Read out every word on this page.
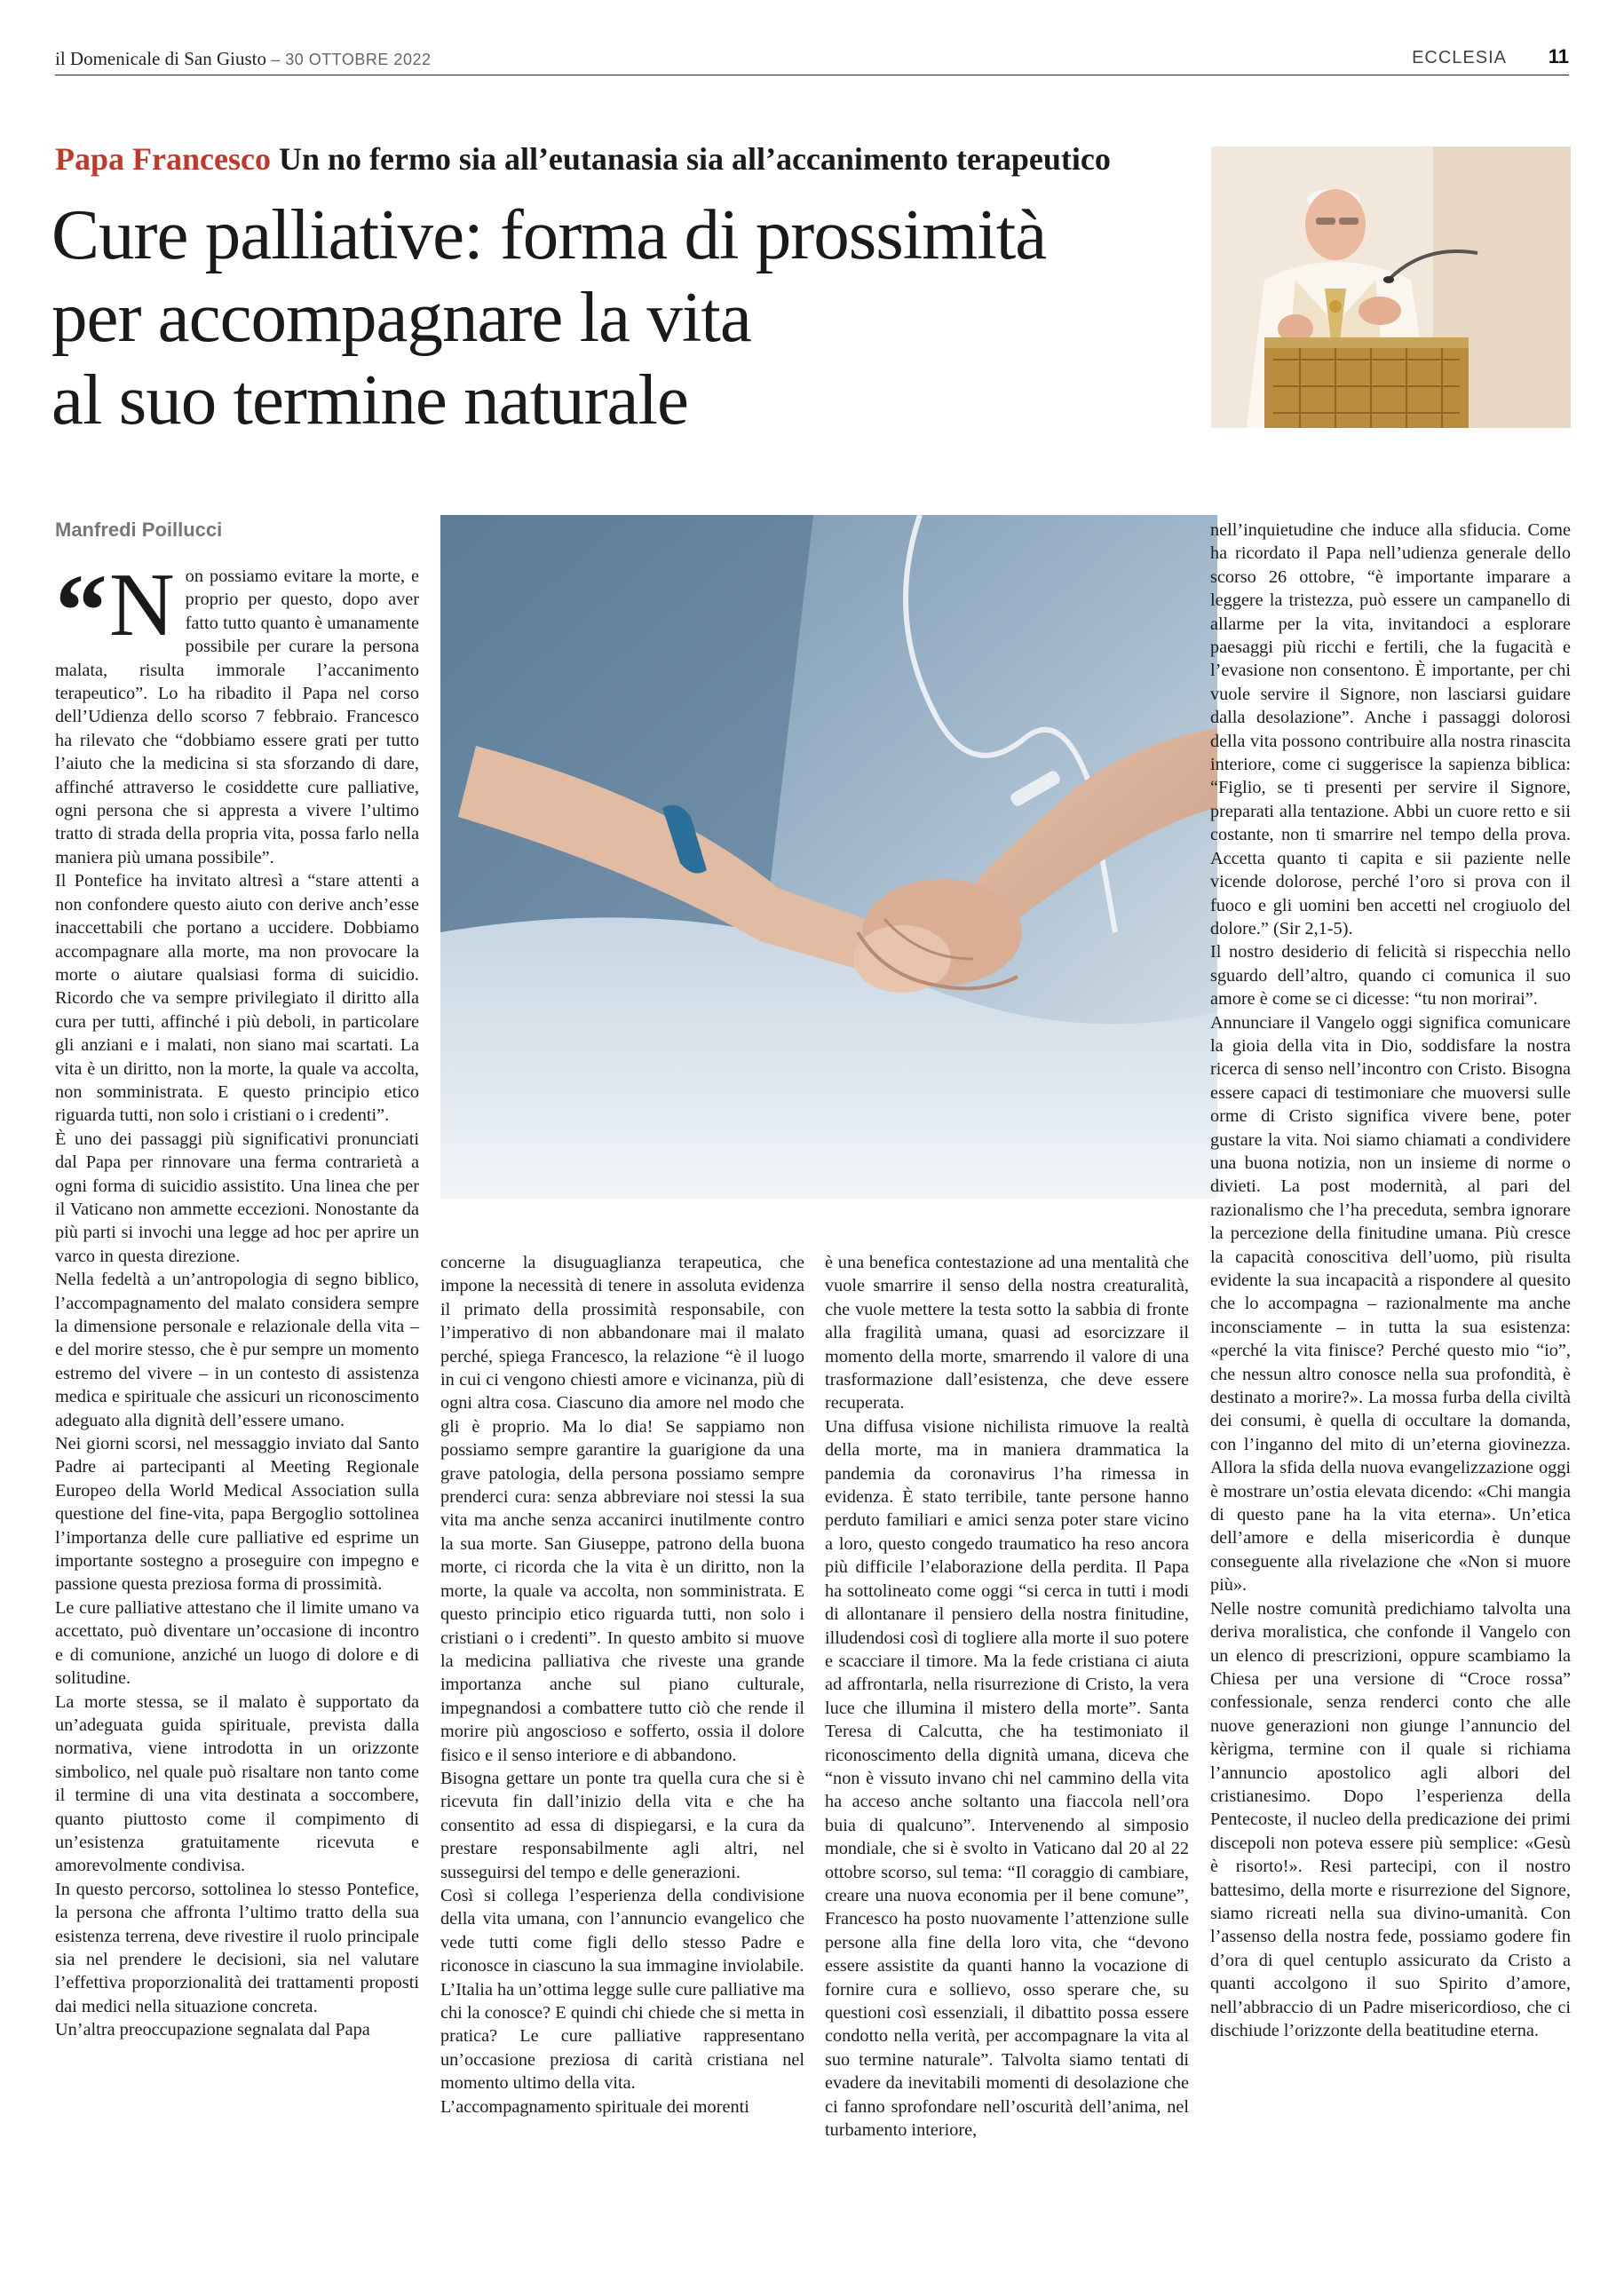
il Domenicale di San Giusto – 30 OTTOBRE 2022	ECCLESIA 11
Papa Francesco Un no fermo sia all’eutanasia sia all’accanimento terapeutico
Cure palliative: forma di prossimità
per accompagnare la vita
al suo termine naturale
Manfredi Poillucci
“ N on possiamo evitare la morte, e proprio per questo, dopo aver fatto tutto quanto è umanamente possibile per curare la persona malata, risulta immorale l’accanimento terapeutico”. Lo ha ribadito il Papa nel corso dell’Udienza dello scorso 7 febbraio. Francesco ha rilevato che “dobbiamo essere grati per tutto l’aiuto che la medicina si sta sforzando di dare, affinché attraverso le cosiddette cure palliative, ogni persona che si appresta a vivere l’ultimo tratto di strada della propria vita, possa farlo nella maniera più umana possibile”.

Il Pontefice ha invitato altresì a “stare attenti a non confondere questo aiuto con derive anch’esse inaccettabili che portano a uccidere. Dobbiamo accompagnare alla morte, ma non provocare la morte o aiutare qualsiasi forma di suicidio. Ricordo che va sempre privilegiato il diritto alla cura per tutti, affinché i più deboli, in particolare gli anziani e i malati, non siano mai scartati. La vita è un diritto, non la morte, la quale va accolta, non somministrata. E questo principio etico riguarda tutti, non solo i cristiani o i credenti”.

È uno dei passaggi più significativi pronunciati dal Papa per rinnovare una ferma contrarietà a ogni forma di suicidio assistito. Una linea che per il Vaticano non ammette eccezioni. Nonostante da più parti si invochi una legge ad hoc per aprire un varco in questa direzione.

Nella fedeltà a un’antropologia di segno biblico, l’accompagnamento del malato considera sempre la dimensione personale e relazionale della vita – e del morire stesso, che è pur sempre un momento estremo del vivere – in un contesto di assistenza medica e spirituale che assicuri un riconoscimento adeguato alla dignità dell’essere umano.

Nei giorni scorsi, nel messaggio inviato dal Santo Padre ai partecipanti al Meeting Regionale Europeo della World Medical Association sulla questione del fine-vita, papa Bergoglio sottolinea l’importanza delle cure palliative ed esprime un importante sostegno a proseguire con impegno e passione questa preziosa forma di prossimità.

Le cure palliative attestano che il limite umano va accettato, può diventare un’occasione di incontro e di comunione, anziché un luogo di dolore e di solitudine.

La morte stessa, se il malato è supportato da un’adeguata guida spirituale, prevista dalla normativa, viene introdotta in un orizzonte simbolico, nel quale può risaltare non tanto come il termine di una vita destinata a soccombere, quanto piuttosto come il compimento di un’esistenza gratuitamente ricevuta e amorevolmente condivisa.

In questo percorso, sottolinea lo stesso Pontefice, la persona che affronta l’ultimo tratto della sua esistenza terrena, deve rivestire il ruolo principale sia nel prendere le decisioni, sia nel valutare l’effettiva proporzionalità dei trattamenti proposti dai medici nella situazione concreta.

Un’altra preoccupazione segnalata dal Papa

concerne la disuguaglianza terapeutica, che impone la necessità di tenere in assoluta evidenza il primato della prossimità responsabile, con l’imperativo di non abbandonare mai il malato perché, spiega Francesco, la relazione “è il luogo in cui ci vengono chiesti amore e vicinanza, più di ogni altra cosa. Ciascuno dia amore nel modo che gli è proprio. Ma lo dia! Se sappiamo non possiamo sempre garantire la guarigione da una grave patologia, della persona possiamo sempre prenderci cura: senza abbreviare noi stessi la sua vita ma anche senza accanirci inutilmente contro la sua morte. San Giuseppe, patrono della buona morte, ci ricorda che la vita è un diritto, non la morte, la quale va accolta, non somministrata. E questo principio etico riguarda tutti, non solo i cristiani o i credenti”. In questo ambito si muove la medicina palliativa che riveste una grande importanza anche sul piano culturale, impegnandosi a combattere tutto ciò che rende il morire più angoscioso e sofferto, ossia il dolore fisico e il senso interiore e di abbandono.

Bisogna gettare un ponte tra quella cura che si è ricevuta fin dall’inizio della vita e che ha consentito ad essa di dispiegarsi, e la cura da prestare responsabilmente agli altri, nel susseguirsi del tempo e delle generazioni.

Così si collega l’esperienza della condivisione della vita umana, con l’annuncio evangelico che vede tutti come figli dello stesso Padre e riconosce in ciascuno la sua immagine inviolabile.

L’Italia ha un’ottima legge sulle cure palliative ma chi la conosce? E quindi chi chiede che si metta in pratica? Le cure palliative rappresentano un’occasione preziosa di carità cristiana nel momento ultimo della vita.

L’accompagnamento spirituale dei morenti

è una benefica contestazione ad una mentalità che vuole smarrire il senso della nostra creaturalità, che vuole mettere la testa sotto la sabbia di fronte alla fragilità umana, quasi ad esorcizzare il momento della morte, smarrendo il valore di una trasformazione dall’esistenza, che deve essere recuperata.

Una diffusa visione nichilista rimuove la realtà della morte, ma in maniera drammatica la pandemia da coronavirus l’ha rimessa in evidenza. È stato terribile, tante persone hanno perduto familiari e amici senza poter stare vicino a loro, questo congedo traumatico ha reso ancora più difficile l’elaborazione della perdita. Il Papa ha sottolineato come oggi “si cerca in tutti i modi di allontanare il pensiero della nostra finitudine, illudendosi così di togliere alla morte il suo potere e scacciare il timore. Ma la fede cristiana ci aiuta ad affrontarla, nella risurrezione di Cristo, la vera luce che illumina il mistero della morte”. Santa Teresa di Calcutta, che ha testimoniato il riconoscimento della dignità umana, diceva che “non è vissuto invano chi nel cammino della vita ha acceso anche soltanto una fiaccola nell’ora buia di qualcuno”. Intervenendo al simposio mondiale, che si è svolto in Vaticano dal 20 al 22 ottobre scorso, sul tema: “Il coraggio di cambiare, creare una nuova economia per il bene comune”, Francesco ha posto nuovamente l’attenzione sulle persone alla fine della loro vita, che “devono essere assistite da quanti hanno la vocazione di fornire cura e sollievo, osso sperare che, su questioni così essenziali, il dibattito possa essere condotto nella verità, per accompagnare la vita al suo termine naturale”. Talvolta siamo tentati di evadere da inevitabili momenti di desolazione che ci fanno sprofondare nell’oscurità dell’anima, nel turbamento interiore,

nell’inquietudine che induce alla sfiducia. Come ha ricordato il Papa nell’udienza generale dello scorso 26 ottobre, “è importante imparare a leggere la tristezza, può essere un campanello di allarme per la vita, invitandoci a esplorare paesaggi più ricchi e fertili, che la fugacità e l’evasione non consentono. È importante, per chi vuole servire il Signore, non lasciarsi guidare dalla desolazione”. Anche i passaggi dolorosi della vita possono contribuire alla nostra rinascita interiore, come ci suggerisce la sapienza biblica: “Figlio, se ti presenti per servire il Signore, preparati alla tentazione. Abbi un cuore retto e sii costante, non ti smarrire nel tempo della prova. Accetta quanto ti capita e sii paziente nelle vicende dolorose, perché l’oro si prova con il fuoco e gli uomini ben accetti nel crogiuolo del dolore.” (Sir 2,1-5).

Il nostro desiderio di felicità si rispecchia nello sguardo dell’altro, quando ci comunica il suo amore è come se ci dicesse: “tu non morirai”.

Annunciare il Vangelo oggi significa comunicare la gioia della vita in Dio, soddisfare la nostra ricerca di senso nell’incontro con Cristo. Bisogna essere capaci di testimoniare che muoversi sulle orme di Cristo significa vivere bene, poter gustare la vita. Noi siamo chiamati a condividere una buona notizia, non un insieme di norme o divieti. La post modernità, al pari del razionalismo che l’ha preceduta, sembra ignorare la percezione della finitudine umana. Più cresce la capacità conoscitiva dell’uomo, più risulta evidente la sua incapacità a rispondere al quesito che lo accompagna – razionalmente ma anche inconsciamente – in tutta la sua esistenza: «perché la vita finisce? Perché questo mio “io”, che nessun altro conosce nella sua profondità, è destinato a morire?». La mossa furba della civiltà dei consumi, è quella di occultare la domanda, con l’inganno del mito di un’eterna giovinezza. Allora la sfida della nuova evangelizzazione oggi è mostrare un’ostia elevata dicendo: «Chi mangia di questo pane ha la vita eterna». Un’etica dell’amore e della misericordia è dunque conseguente alla rivelazione che «Non si muore più».

Nelle nostre comunità predichiamo talvolta una deriva moralistica, che confonde il Vangelo con un elenco di prescrizioni, oppure scambiamo la Chiesa per una versione di “Croce rossa” confessionale, senza renderci conto che alle nuove generazioni non giunge l’annuncio del kèrigma, termine con il quale si richiama l’annuncio apostolico agli albori del cristianesimo. Dopo l’esperienza della Pentecoste, il nucleo della predicazione dei primi discepoli non poteva essere più semplice: «Gesù è risorto!». Resi partecipi, con il nostro battesimo, della morte e risurrezione del Signore, siamo ricreati nella sua divino-umanità. Con l’assenso della nostra fede, possiamo godere fin d’ora di quel centuplo assicurato da Cristo a quanti accolgono il suo Spirito d’amore, nell’abbraccio di un Padre misericordioso, che ci dischiude l’orizzonte della beatitudine eterna.
